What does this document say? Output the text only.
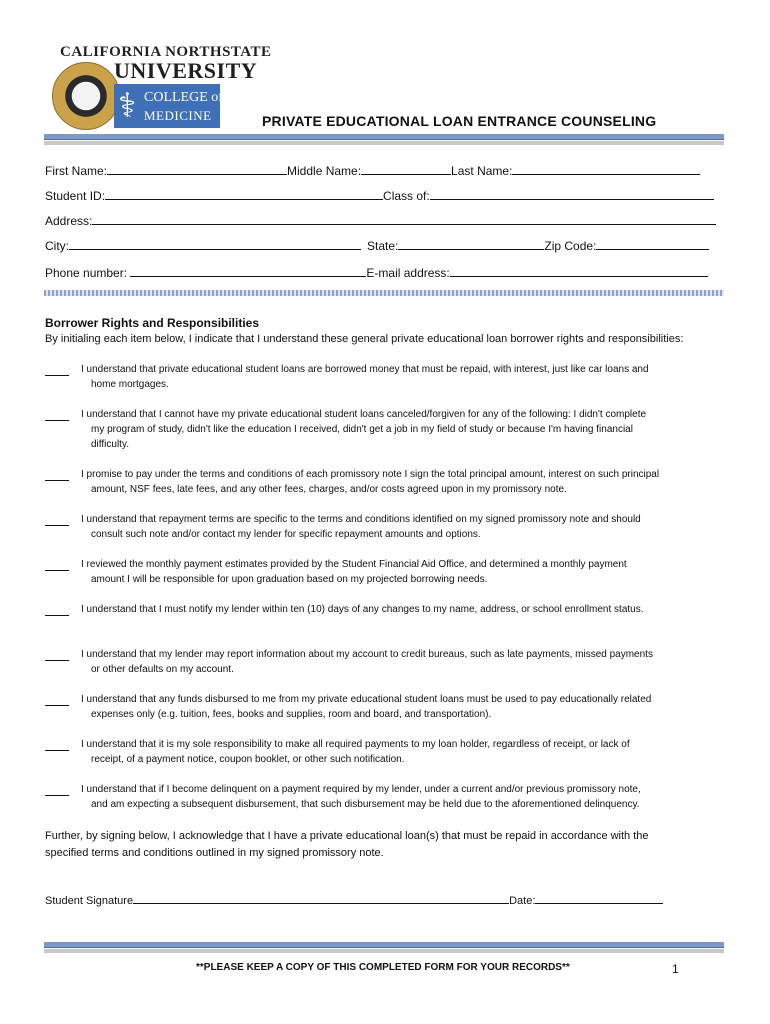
CALIFORNIA NORTHSTATE
UNIVERSITY
⚕ COLLEGE of
MEDICINE	PRIVATE EDUCATIONAL LOAN ENTRANCE COUNSELING
First Name:	Middle Name:	Last Name:
Student ID:	Class of:
Address:
City:	State:	Zip Code:
Phone number:	E-mail address:
Borrower Rights and Responsibilities
By initialing each item below, I indicate that I understand these general private educational loan borrower rights and responsibilities:
I understand that private educational student loans are borrowed money that must be repaid, with interest, just like car loans and
home mortgages.
I understand that I cannot have my private educational student loans canceled/forgiven for any of the following: I didn't complete
my program of study, didn't like the education I received, didn't get a job in my field of study or because I'm having financial
difficulty.
I promise to pay under the terms and conditions of each promissory note I sign the total principal amount, interest on such principal
amount, NSF fees, late fees, and any other fees, charges, and/or costs agreed upon in my promissory note.
I understand that repayment terms are specific to the terms and conditions identified on my signed promissory note and should
consult such note and/or contact my lender for specific repayment amounts and options.
I reviewed the monthly payment estimates provided by the Student Financial Aid Office, and determined a monthly payment
amount I will be responsible for upon graduation based on my projected borrowing needs.
I understand that I must notify my lender within ten (10) days of any changes to my name, address, or school enrollment status.
I understand that my lender may report information about my account to credit bureaus, such as late payments, missed payments
or other defaults on my account.
I understand that any funds disbursed to me from my private educational student loans must be used to pay educationally related
expenses only (e.g. tuition, fees, books and supplies, room and board, and transportation).
I understand that it is my sole responsibility to make all required payments to my loan holder, regardless of receipt, or lack of
receipt, of a payment notice, coupon booklet, or other such notification.
I understand that if I become delinquent on a payment required by my lender, under a current and/or previous promissory note,
and am expecting a subsequent disbursement, that such disbursement may be held due to the aforementioned delinquency.
Further, by signing below, I acknowledge that I have a private educational loan(s) that must be repaid in accordance with the
specified terms and conditions outlined in my signed promissory note.
Student Signature	Date:
**PLEASE KEEP A COPY OF THIS COMPLETED FORM FOR YOUR RECORDS**	1
